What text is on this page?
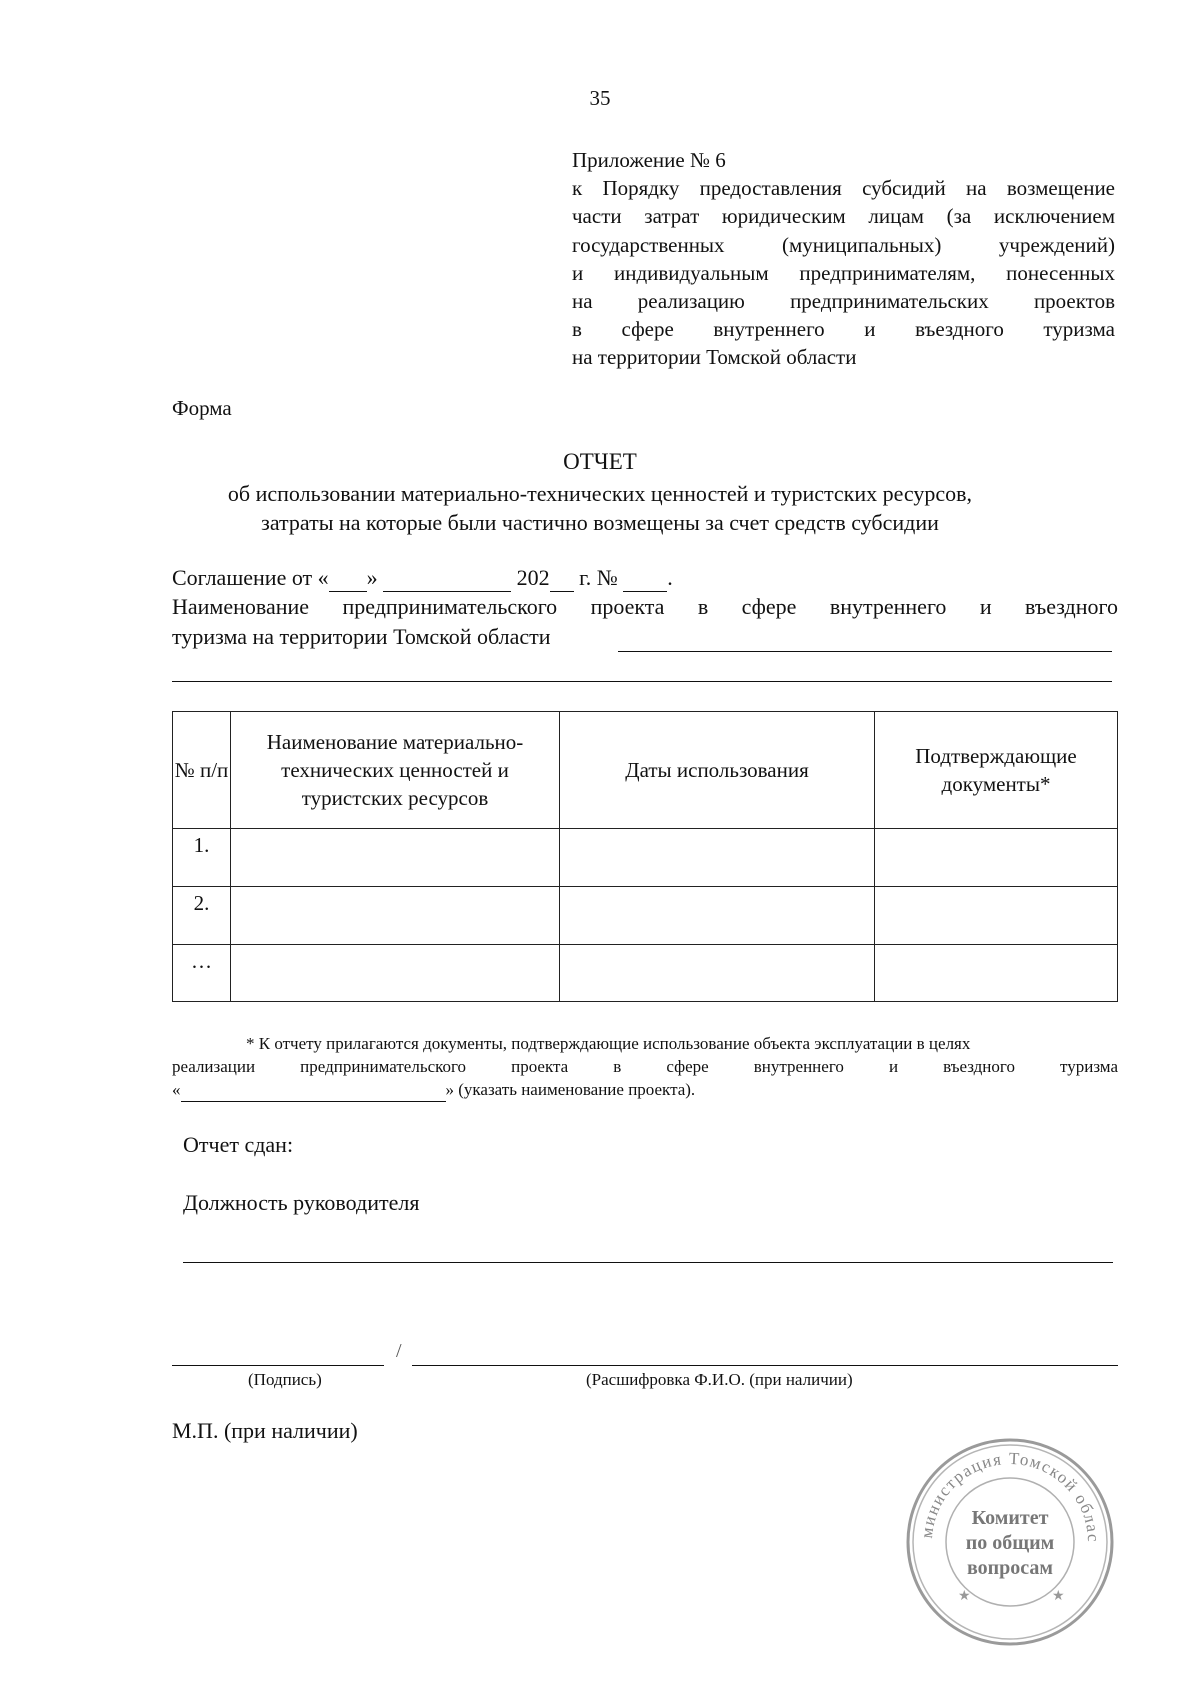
35
Приложение № 6
к Порядку предоставления субсидий на возмещение
части затрат юридическим лицам (за исключением
государственных (муниципальных) учреждений)
и индивидуальным предпринимателям, понесенных
на реализацию предпринимательских проектов
в сфере внутреннего и въездного туризма
на территории Томской области
Форма
ОТЧЕТ
об использовании материально-технических ценностей и туристских ресурсов,
затраты на которые были частично возмещены за счет средств субсидии
Соглашение от « »	202  г. №  .
Наименование предпринимательского проекта в сфере внутреннего и въездного
туризма на территории Томской области
№ п/п	Наименование материально-технических ценностей и туристских ресурсов	Даты использования	Подтверждающие документы*
1.			
2.			
…			
* К отчету прилагаются документы, подтверждающие использование объекта эксплуатации в целях
реализации предпринимательского проекта в сфере внутреннего и въездного туризма
«	» (указать наименование проекта).
Отчет сдан:
Должность руководителя
/
(Подпись)	(Расшифровка Ф.И.О. (при наличии)
М.П. (при наличии)
министрация Томской облас
Комитет
по общим
вопросам
★	★
